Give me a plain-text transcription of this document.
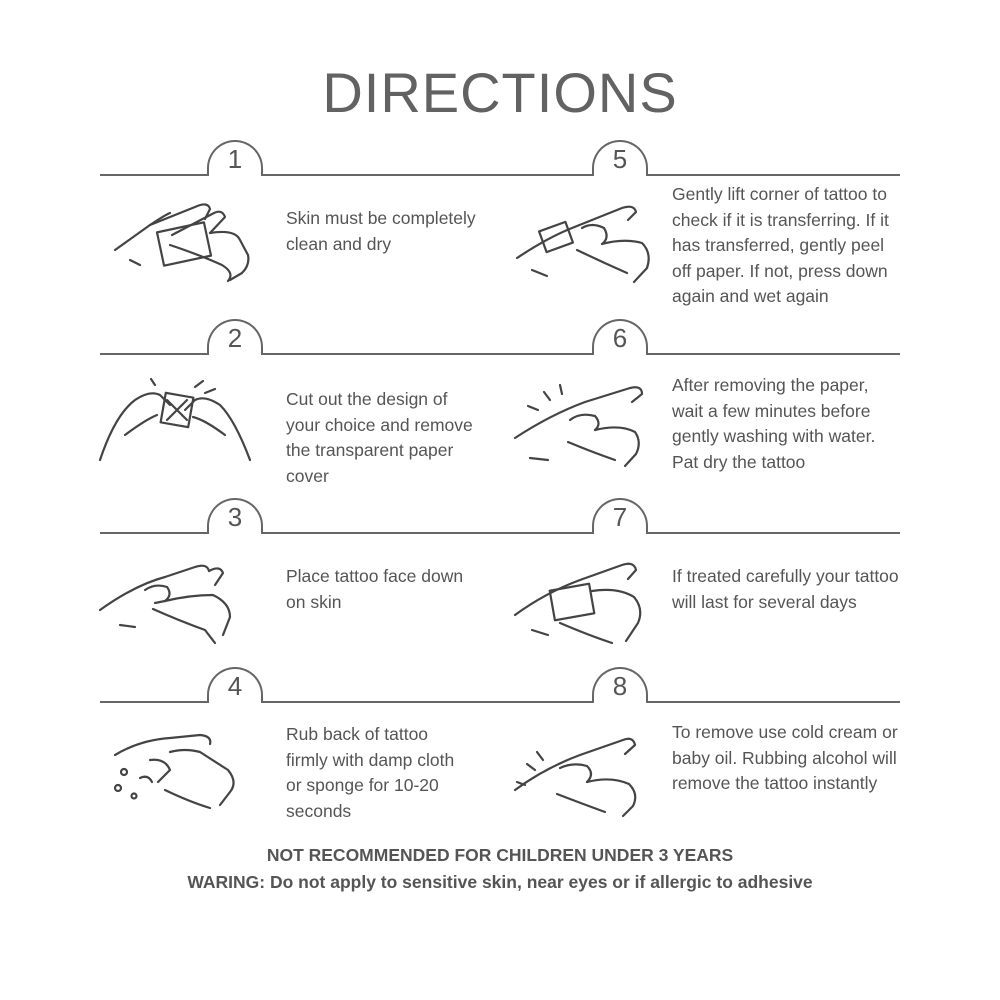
DIRECTIONS
1
2
3
4
5
6
7
8
Skin must be completely
clean and dry
Cut out the design of
your choice and remove
the transparent paper
cover
Place tattoo face down
on skin
Rub back of tattoo
firmly with damp cloth
or sponge for 10-20
seconds
Gently lift corner of tattoo to
check if it is transferring. If it
has transferred, gently peel
off paper. If not, press down
again and wet again
After removing the paper,
wait a few minutes before
gently washing with water.
Pat dry the tattoo
If treated carefully your tattoo
will last for several days
To remove use cold cream or
baby oil. Rubbing alcohol will
remove the tattoo instantly
NOT RECOMMENDED FOR CHILDREN UNDER 3 YEARS
WARING: Do not apply to sensitive skin, near eyes or if allergic to adhesive
